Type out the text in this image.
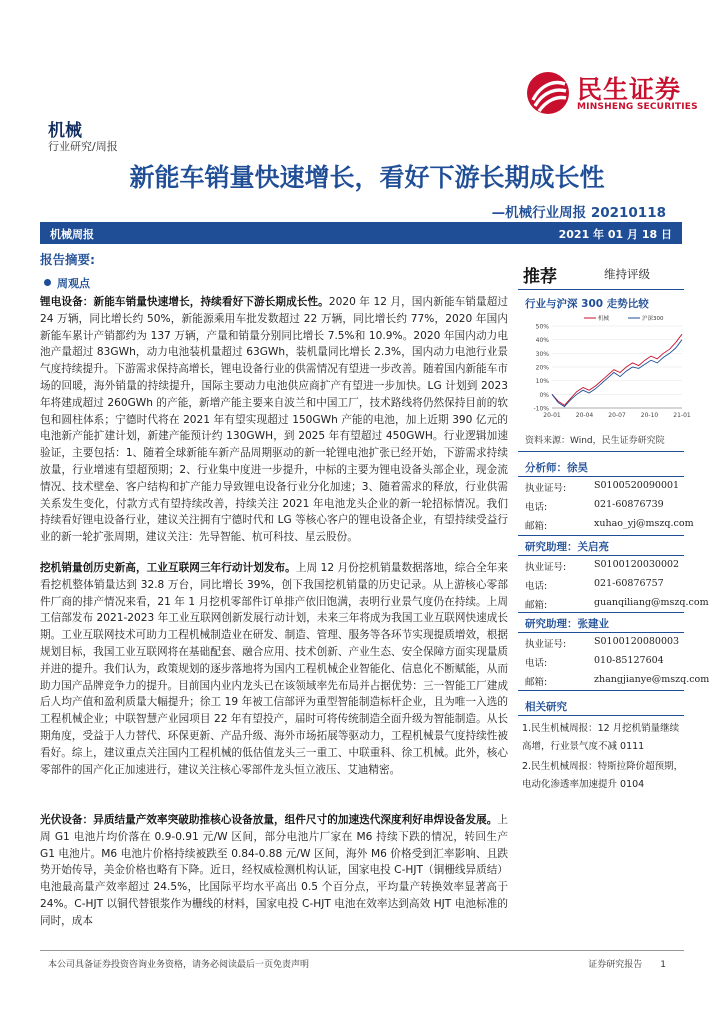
民生证券
MINSHENG SECURITIES
机械
行业研究/周报
新能车销量快速增长，看好下游长期成长性
—机械行业周报 20210118
机械周报	2021 年 01 月 18 日
报告摘要:
周观点
锂电设备：新能车销量快速增长，持续看好下游长期成长性。2020 年 12 月，国内新能车销量超过 24 万辆，同比增长约 50%，新能源乘用车批发数超过 22 万辆，同比增长约 77%，2020 年国内新能车累计产销都约为 137 万辆，产量和销量分别同比增长 7.5%和 10.9%。2020 年国内动力电池产量超过 83GWh，动力电池装机量超过 63GWh，装机量同比增长 2.3%，国内动力电池行业景气度持续提升。下游需求保持高增长，锂电设备行业的供需情况有望进一步改善。随着国内新能车市场的回暖，海外销量的持续提升，国际主要动力电池供应商扩产有望进一步加快。LG 计划到 2023 年将建成超过 260GWh 的产能，新增产能主要来自波兰和中国工厂，技术路线将仍然保持目前的软包和圆柱体系；宁德时代将在 2021 年有望实现超过 150GWh 产能的电池，加上近期 390 亿元的电池新产能扩建计划，新建产能预计约 130GWH，到 2025 年有望超过 450GWH。行业逻辑加速验证，主要包括：1、随着全球新能车新产品周期驱动的新一轮锂电池扩张已经开始，下游需求持续放量，行业增速有望超预期；2、行业集中度进一步提升，中标的主要为锂电设备头部企业，现金流情况、技术壁垒、客户结构和扩产能力导致锂电设备行业分化加速；3、随着需求的释放，行业供需关系发生变化，付款方式有望持续改善，持续关注 2021 年电池龙头企业的新一轮招标情况。我们持续看好锂电设备行业，建议关注拥有宁德时代和 LG 等核心客户的锂电设备企业，有望持续受益行业的新一轮扩张周期，建议关注：先导智能、杭可科技、星云股份。
挖机销量创历史新高，工业互联网三年行动计划发布。上周 12 月份挖机销量数据落地，综合全年来看挖机整体销量达到 32.8 万台，同比增长 39%，创下我国挖机销量的历史记录。从上游核心零部件厂商的排产情况来看，21 年 1 月挖机零部件订单排产依旧饱满，表明行业景气度仍在持续。上周工信部发布 2021-2023 年工业互联网创新发展行动计划，未来三年将成为我国工业互联网快速成长期。工业互联网技术可助力工程机械制造业在研发、制造、管理、服务等各环节实现提质增效，根据规划目标，我国工业互联网将在基础配套、融合应用、技术创新、产业生态、安全保障方面实现量质并进的提升。我们认为，政策规划的逐步落地将为国内工程机械企业智能化、信息化不断赋能，从而助力国产品牌竞争力的提升。目前国内业内龙头已在该领域率先布局并占据优势：三一智能工厂建成后人均产值和盈利质量大幅提升；徐工 19 年被工信部评为重型智能制造标杆企业，且为唯一入选的工程机械企业；中联智慧产业园项目 22 年有望投产，届时可将传统制造全面升级为智能制造。从长期角度，受益于人力替代、环保更新、产品升级、海外市场拓展等驱动力，工程机械景气度持续性被看好。综上，建议重点关注国内工程机械的低估值龙头三一重工、中联重科、徐工机械。此外，核心零部件的国产化正加速进行，建议关注核心零部件龙头恒立液压、艾迪精密。
光伏设备：异质结量产效率突破助推核心设备放量，组件尺寸的加速迭代深度利好串焊设备发展。上周 G1 电池片均价落在 0.9-0.91 元/W 区间，部分电池片厂家在 M6 持续下跌的情况，转回生产 G1 电池片。M6 电池片价格持续被跌至 0.84-0.88 元/W 区间，海外 M6 价格受到汇率影响、且跌势开始传导，美金价格也略有下降。近日，经权威检测机构认证，国家电投 C-HJT（铜栅线异质结）电池最高量产效率超过 24.5%，比国际平均水平高出 0.5 个百分点，平均量产转换效率显著高于 24%。C-HJT 以铜代替银浆作为栅线的材料，国家电投 C-HJT 电池在效率达到高效 HJT 电池标准的同时，成本
推荐	维持评级
行业与沪深 300 走势比较
-10%
0%
10%
20%
30%
40%
50%
20-01	20-04	20-07	20-10	21-01
机械	沪深300
资料来源：Wind，民生证券研究院
分析师：徐昊
执业证号:	S0100520090001
电话:	021-60876739
邮箱:	xuhao_yj@mszq.com
研究助理：关启亮
执业证号:	S0100120030002
电话:	021-60876757
邮箱:	guanqiliang@mszq.com
研究助理：张建业
执业证号:	S0100120080003
电话:	010-85127604
邮箱:	zhangjianye@mszq.com
相关研究
1.民生机械周报：12 月挖机销量继续高增，行业景气度不减 0111
2.民生机械周报：特斯拉降价超预期，电动化渗透率加速提升 0104
本公司具备证券投资咨询业务资格，请务必阅读最后一页免责声明	证券研究报告　　1
